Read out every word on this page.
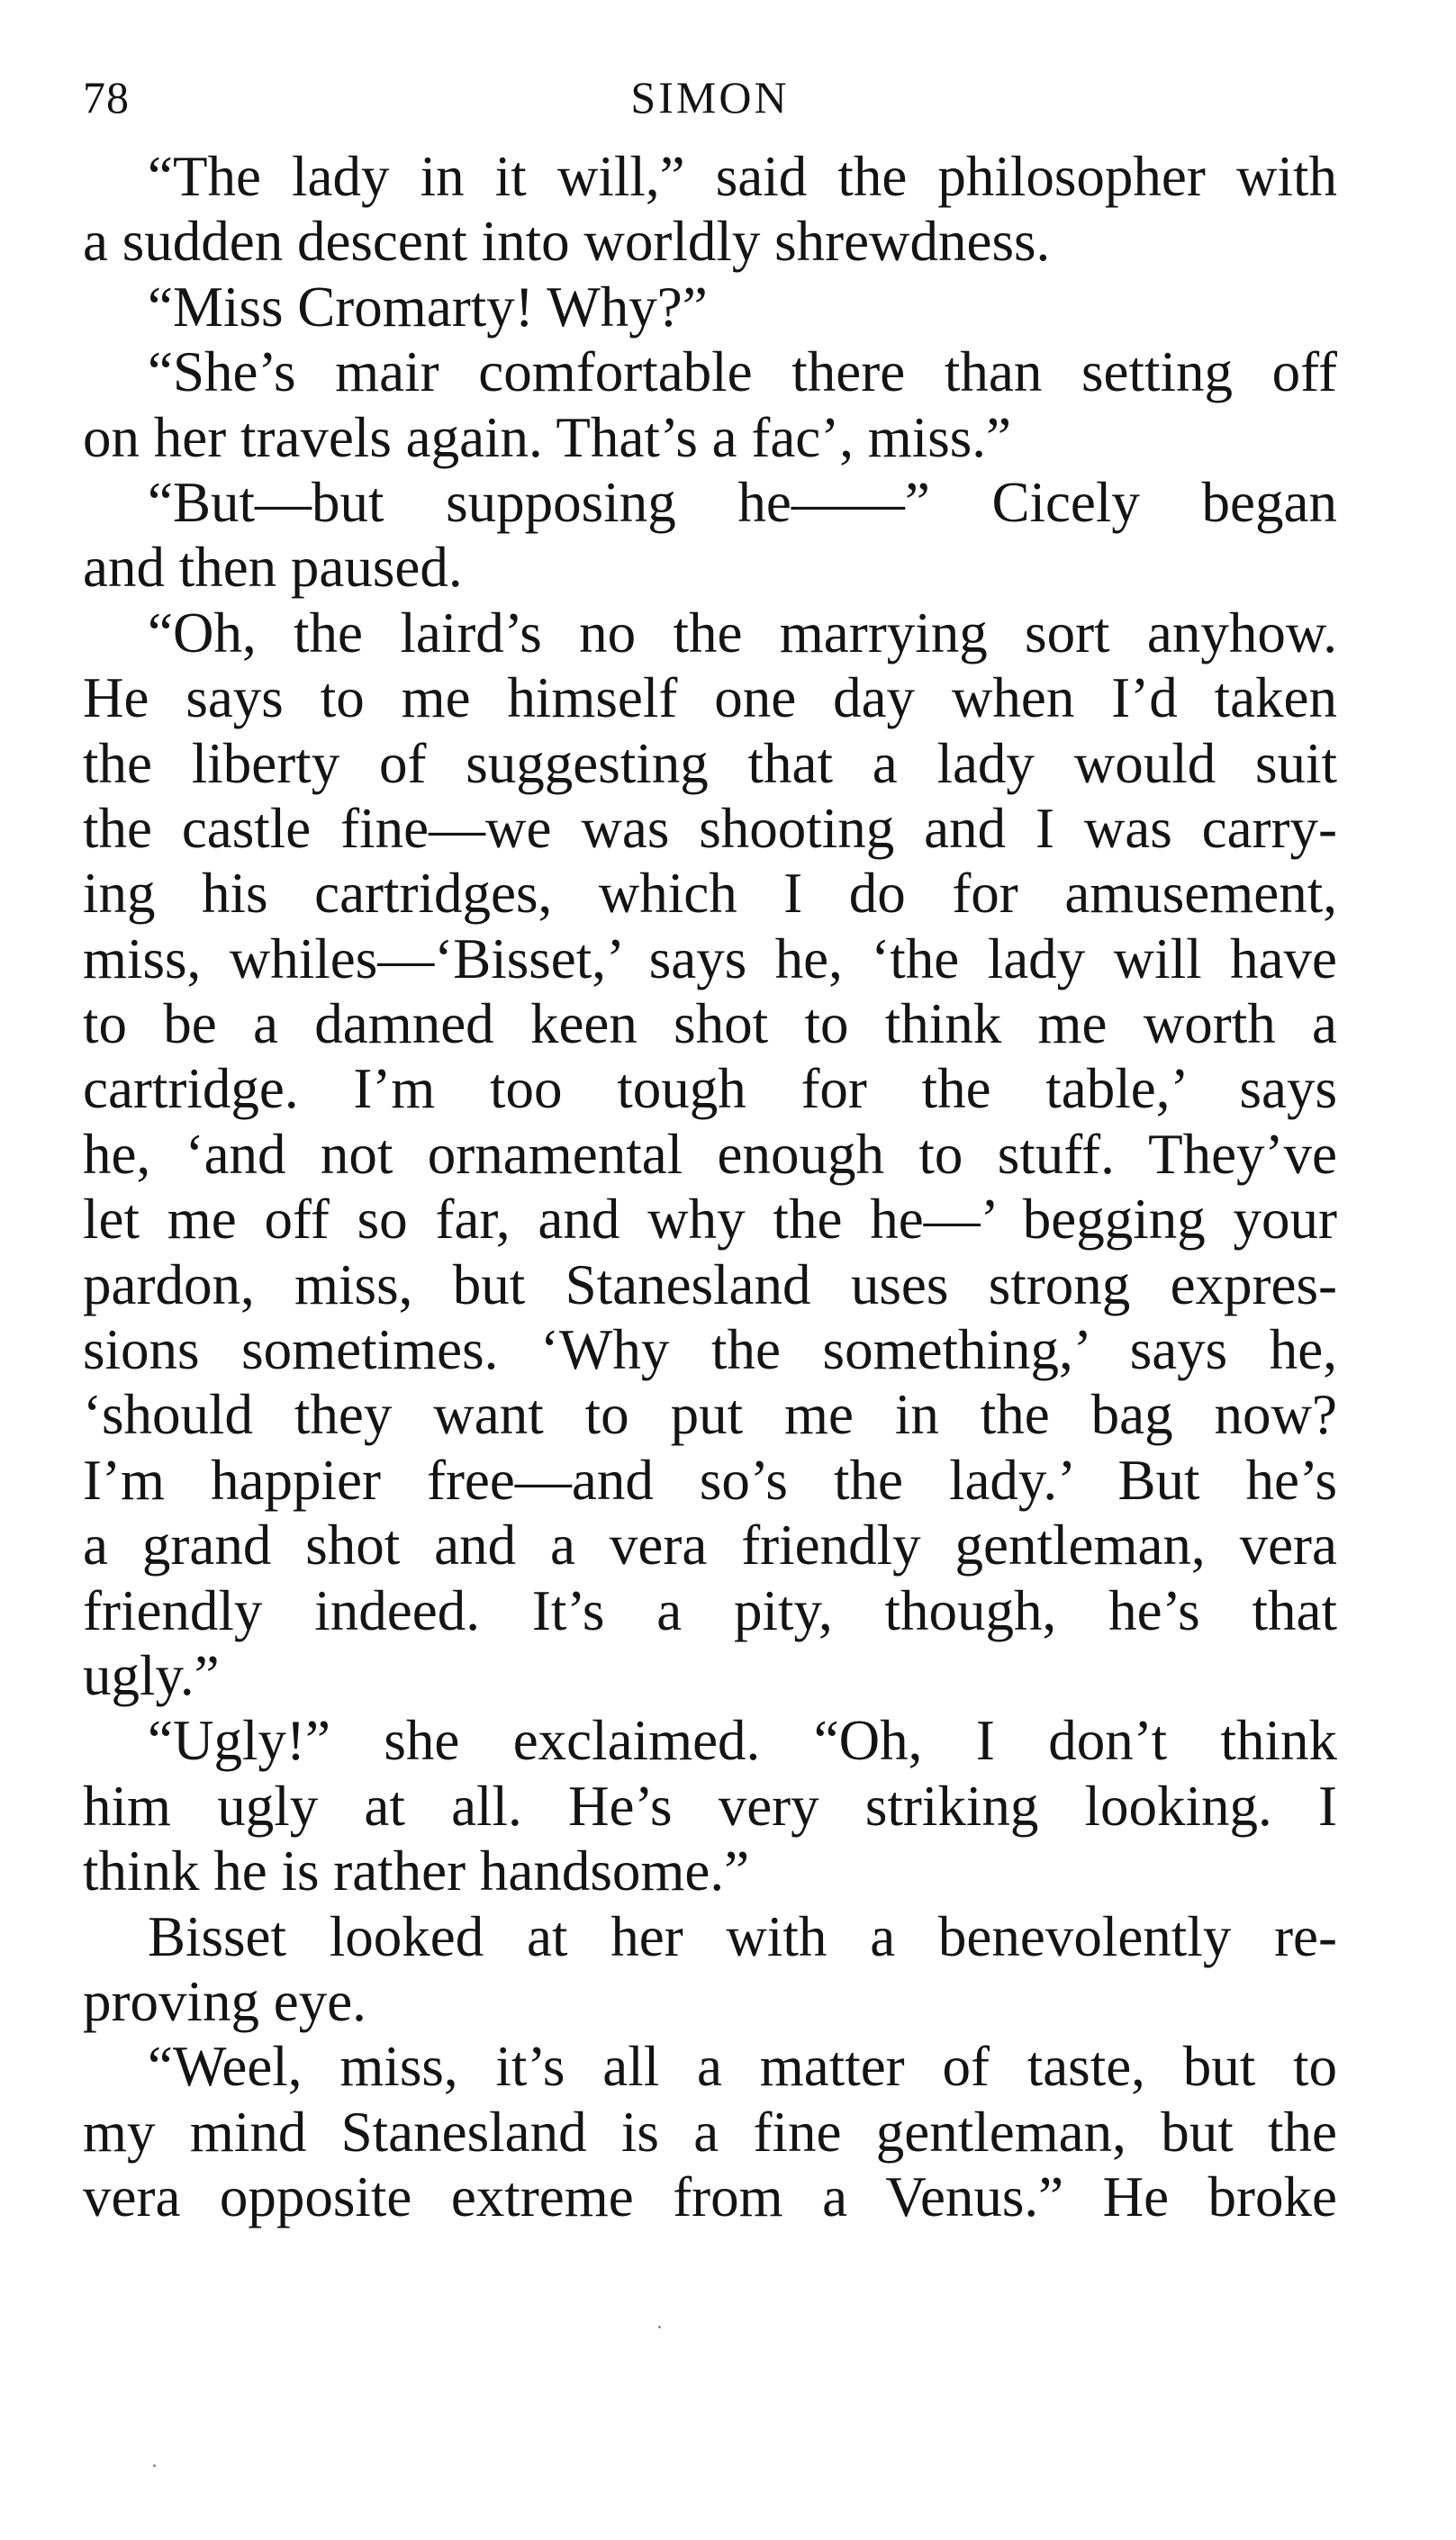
78	SIMON
“The lady in it will,” said the philosopher with
a sudden descent into worldly shrewdness.
“Miss Cromarty! Why?”
“She’s mair comfortable there than setting off
on her travels again. That’s a fac’, miss.”
“But—but supposing he——” Cicely began
and then paused.
“Oh, the laird’s no the marrying sort anyhow.
He says to me himself one day when I’d taken
the liberty of suggesting that a lady would suit
the castle fine—we was shooting and I was carry-
ing his cartridges, which I do for amusement,
miss, whiles—‘Bisset,’ says he, ‘the lady will have
to be a damned keen shot to think me worth a
cartridge. I’m too tough for the table,’ says
he, ‘and not ornamental enough to stuff. They’ve
let me off so far, and why the he—’ begging your
pardon, miss, but Stanesland uses strong expres-
sions sometimes. ‘Why the something,’ says he,
‘should they want to put me in the bag now?
I’m happier free—and so’s the lady.’ But he’s
a grand shot and a vera friendly gentleman, vera
friendly indeed. It’s a pity, though, he’s that
ugly.”
“Ugly!” she exclaimed. “Oh, I don’t think
him ugly at all. He’s very striking looking. I
think he is rather handsome.”
Bisset looked at her with a benevolently re-
proving eye.
“Weel, miss, it’s all a matter of taste, but to
my mind Stanesland is a fine gentleman, but the
vera opposite extreme from a Venus.” He broke
